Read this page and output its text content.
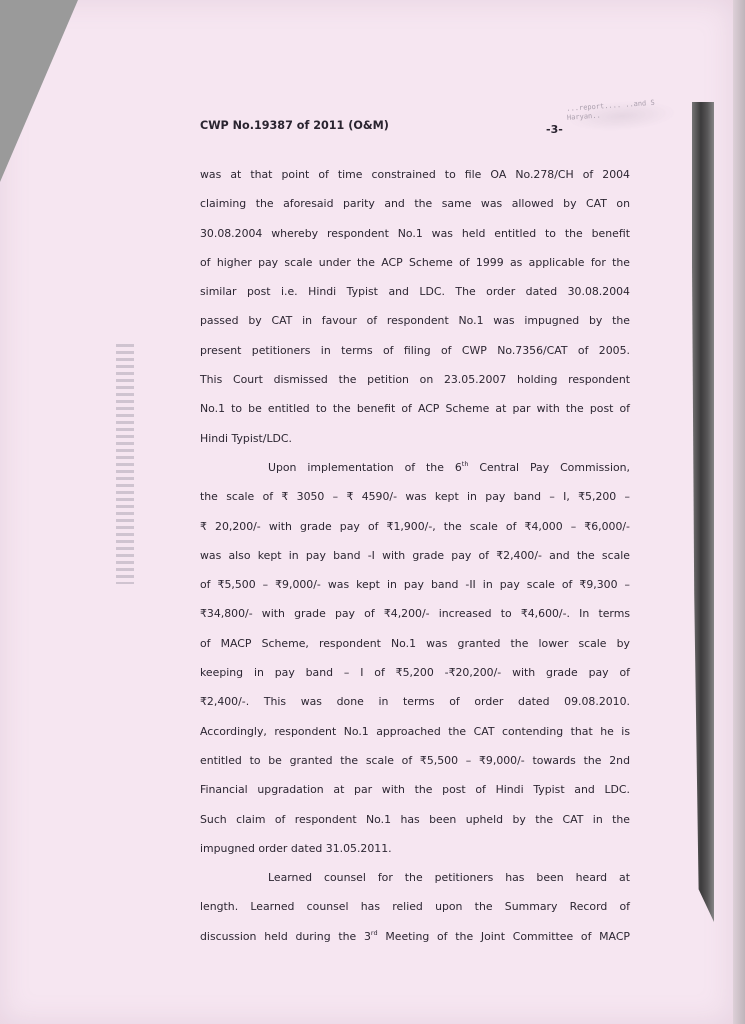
...report.... ..and S Haryan..
CWP No.19387 of 2011 (O&M)	-3-
was at that point of time constrained to file OA No.278/CH of 2004
claiming the aforesaid parity and the same was allowed by CAT on
30.08.2004 whereby respondent No.1 was held entitled to the benefit
of higher pay scale under the ACP Scheme of 1999 as applicable for the
similar post i.e. Hindi Typist and LDC. The order dated 30.08.2004
passed by CAT in favour of respondent No.1 was impugned by the
present petitioners in terms of filing of CWP No.7356/CAT of 2005.
This Court dismissed the petition on 23.05.2007 holding respondent
No.1 to be entitled to the benefit of ACP Scheme at par with the post of
Hindi Typist/LDC.
Upon implementation of the 6th Central Pay Commission,
the scale of ₹ 3050 – ₹ 4590/- was kept in pay band – I, ₹5,200 –
₹ 20,200/- with grade pay of ₹1,900/-, the scale of ₹4,000 – ₹6,000/-
was also kept in pay band -I with grade pay of ₹2,400/- and the scale
of ₹5,500 – ₹9,000/- was kept in pay band -II in pay scale of ₹9,300 –
₹34,800/- with grade pay of ₹4,200/- increased to ₹4,600/-. In terms
of MACP Scheme, respondent No.1 was granted the lower scale by
keeping in pay band – I of ₹5,200 -₹20,200/- with grade pay of
₹2,400/-. This was done in terms of order dated 09.08.2010.
Accordingly, respondent No.1 approached the CAT contending that he is
entitled to be granted the scale of ₹5,500 – ₹9,000/- towards the 2nd
Financial upgradation at par with the post of Hindi Typist and LDC.
Such claim of respondent No.1 has been upheld by the CAT in the
impugned order dated 31.05.2011.
Learned counsel for the petitioners has been heard at
length. Learned counsel has relied upon the Summary Record of
discussion held during the 3rd Meeting of the Joint Committee of MACP
